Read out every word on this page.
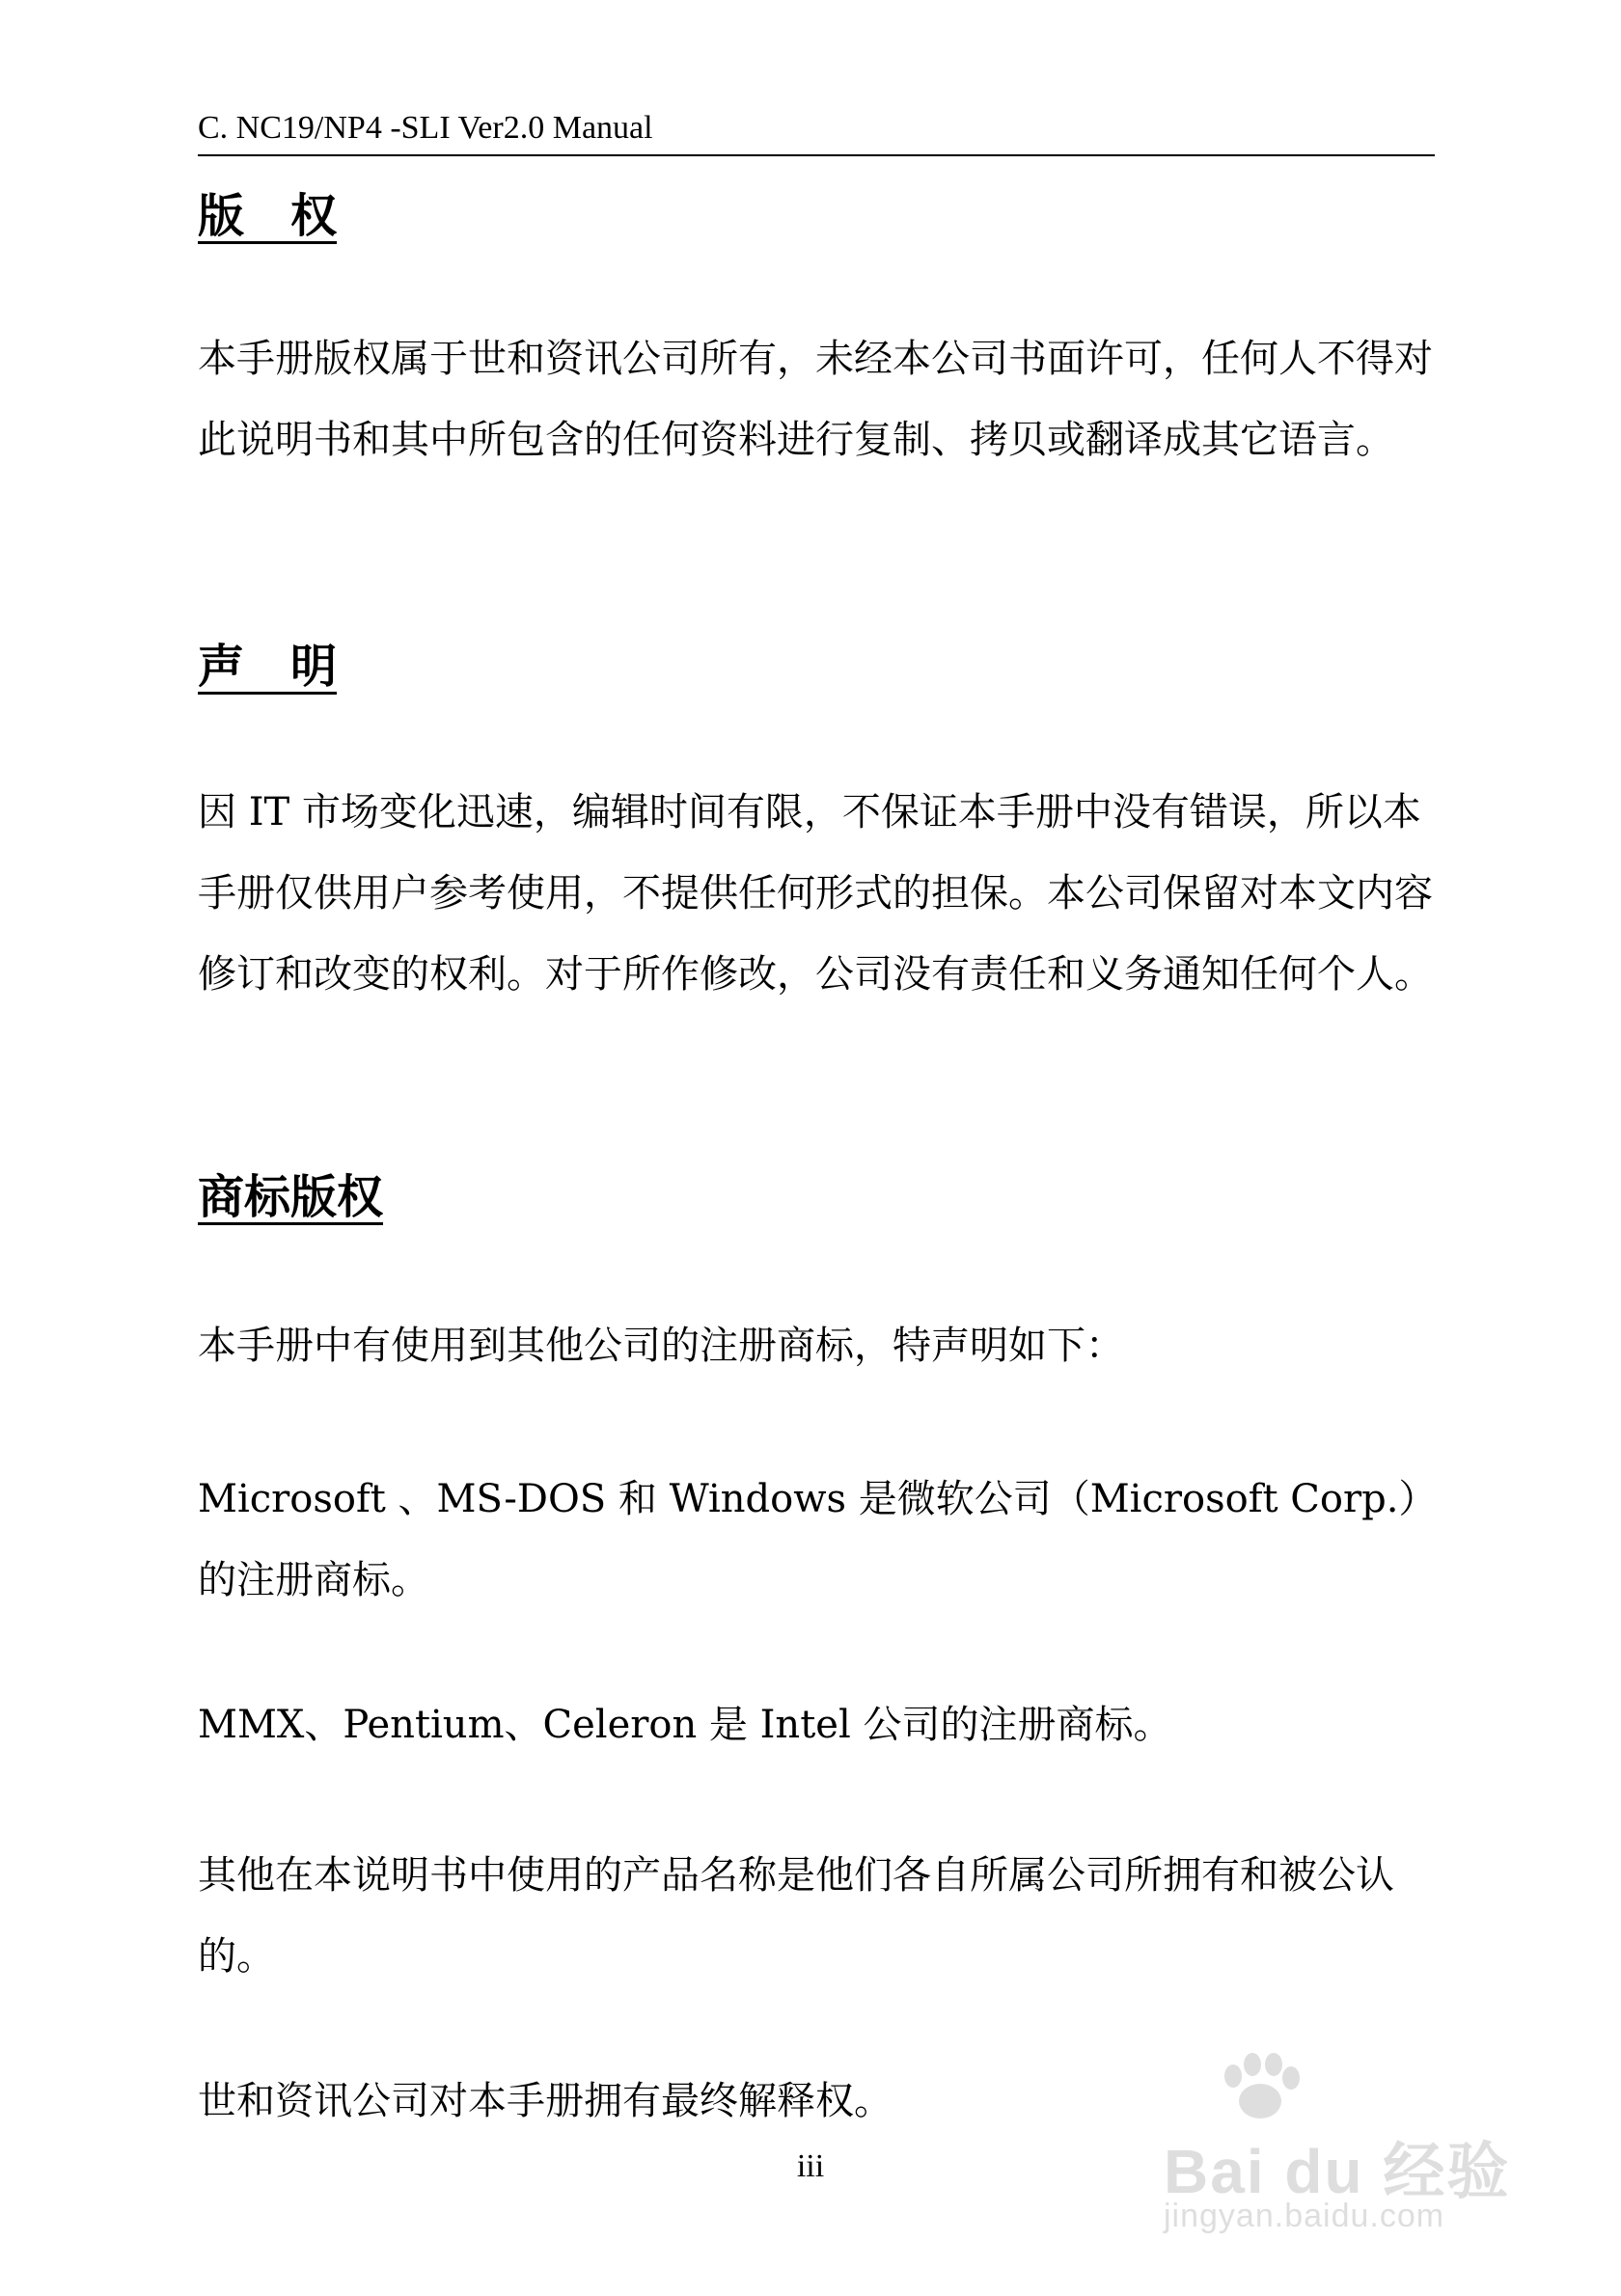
C. NC19/NP4 -SLI Ver2.0 Manual
版　权
本手册版权属于世和资讯公司所有，未经本公司书面许可，任何人不得对此说明书和其中所包含的任何资料进行复制、拷贝或翻译成其它语言。
声　明
因 IT 市场变化迅速，编辑时间有限，不保证本手册中没有错误，所以本手册仅供用户参考使用，不提供任何形式的担保。本公司保留对本文内容修订和改变的权利。对于所作修改，公司没有责任和义务通知任何个人。
商标版权
本手册中有使用到其他公司的注册商标，特声明如下：
Microsoft 、MS-DOS 和 Windows 是微软公司（Microsoft Corp.）的注册商标。
MMX、Pentium、Celeron 是 Intel 公司的注册商标。
其他在本说明书中使用的产品名称是他们各自所属公司所拥有和被公认的。
世和资讯公司对本手册拥有最终解释权。
iii	Bai du 经验
jingyan.baidu.com
